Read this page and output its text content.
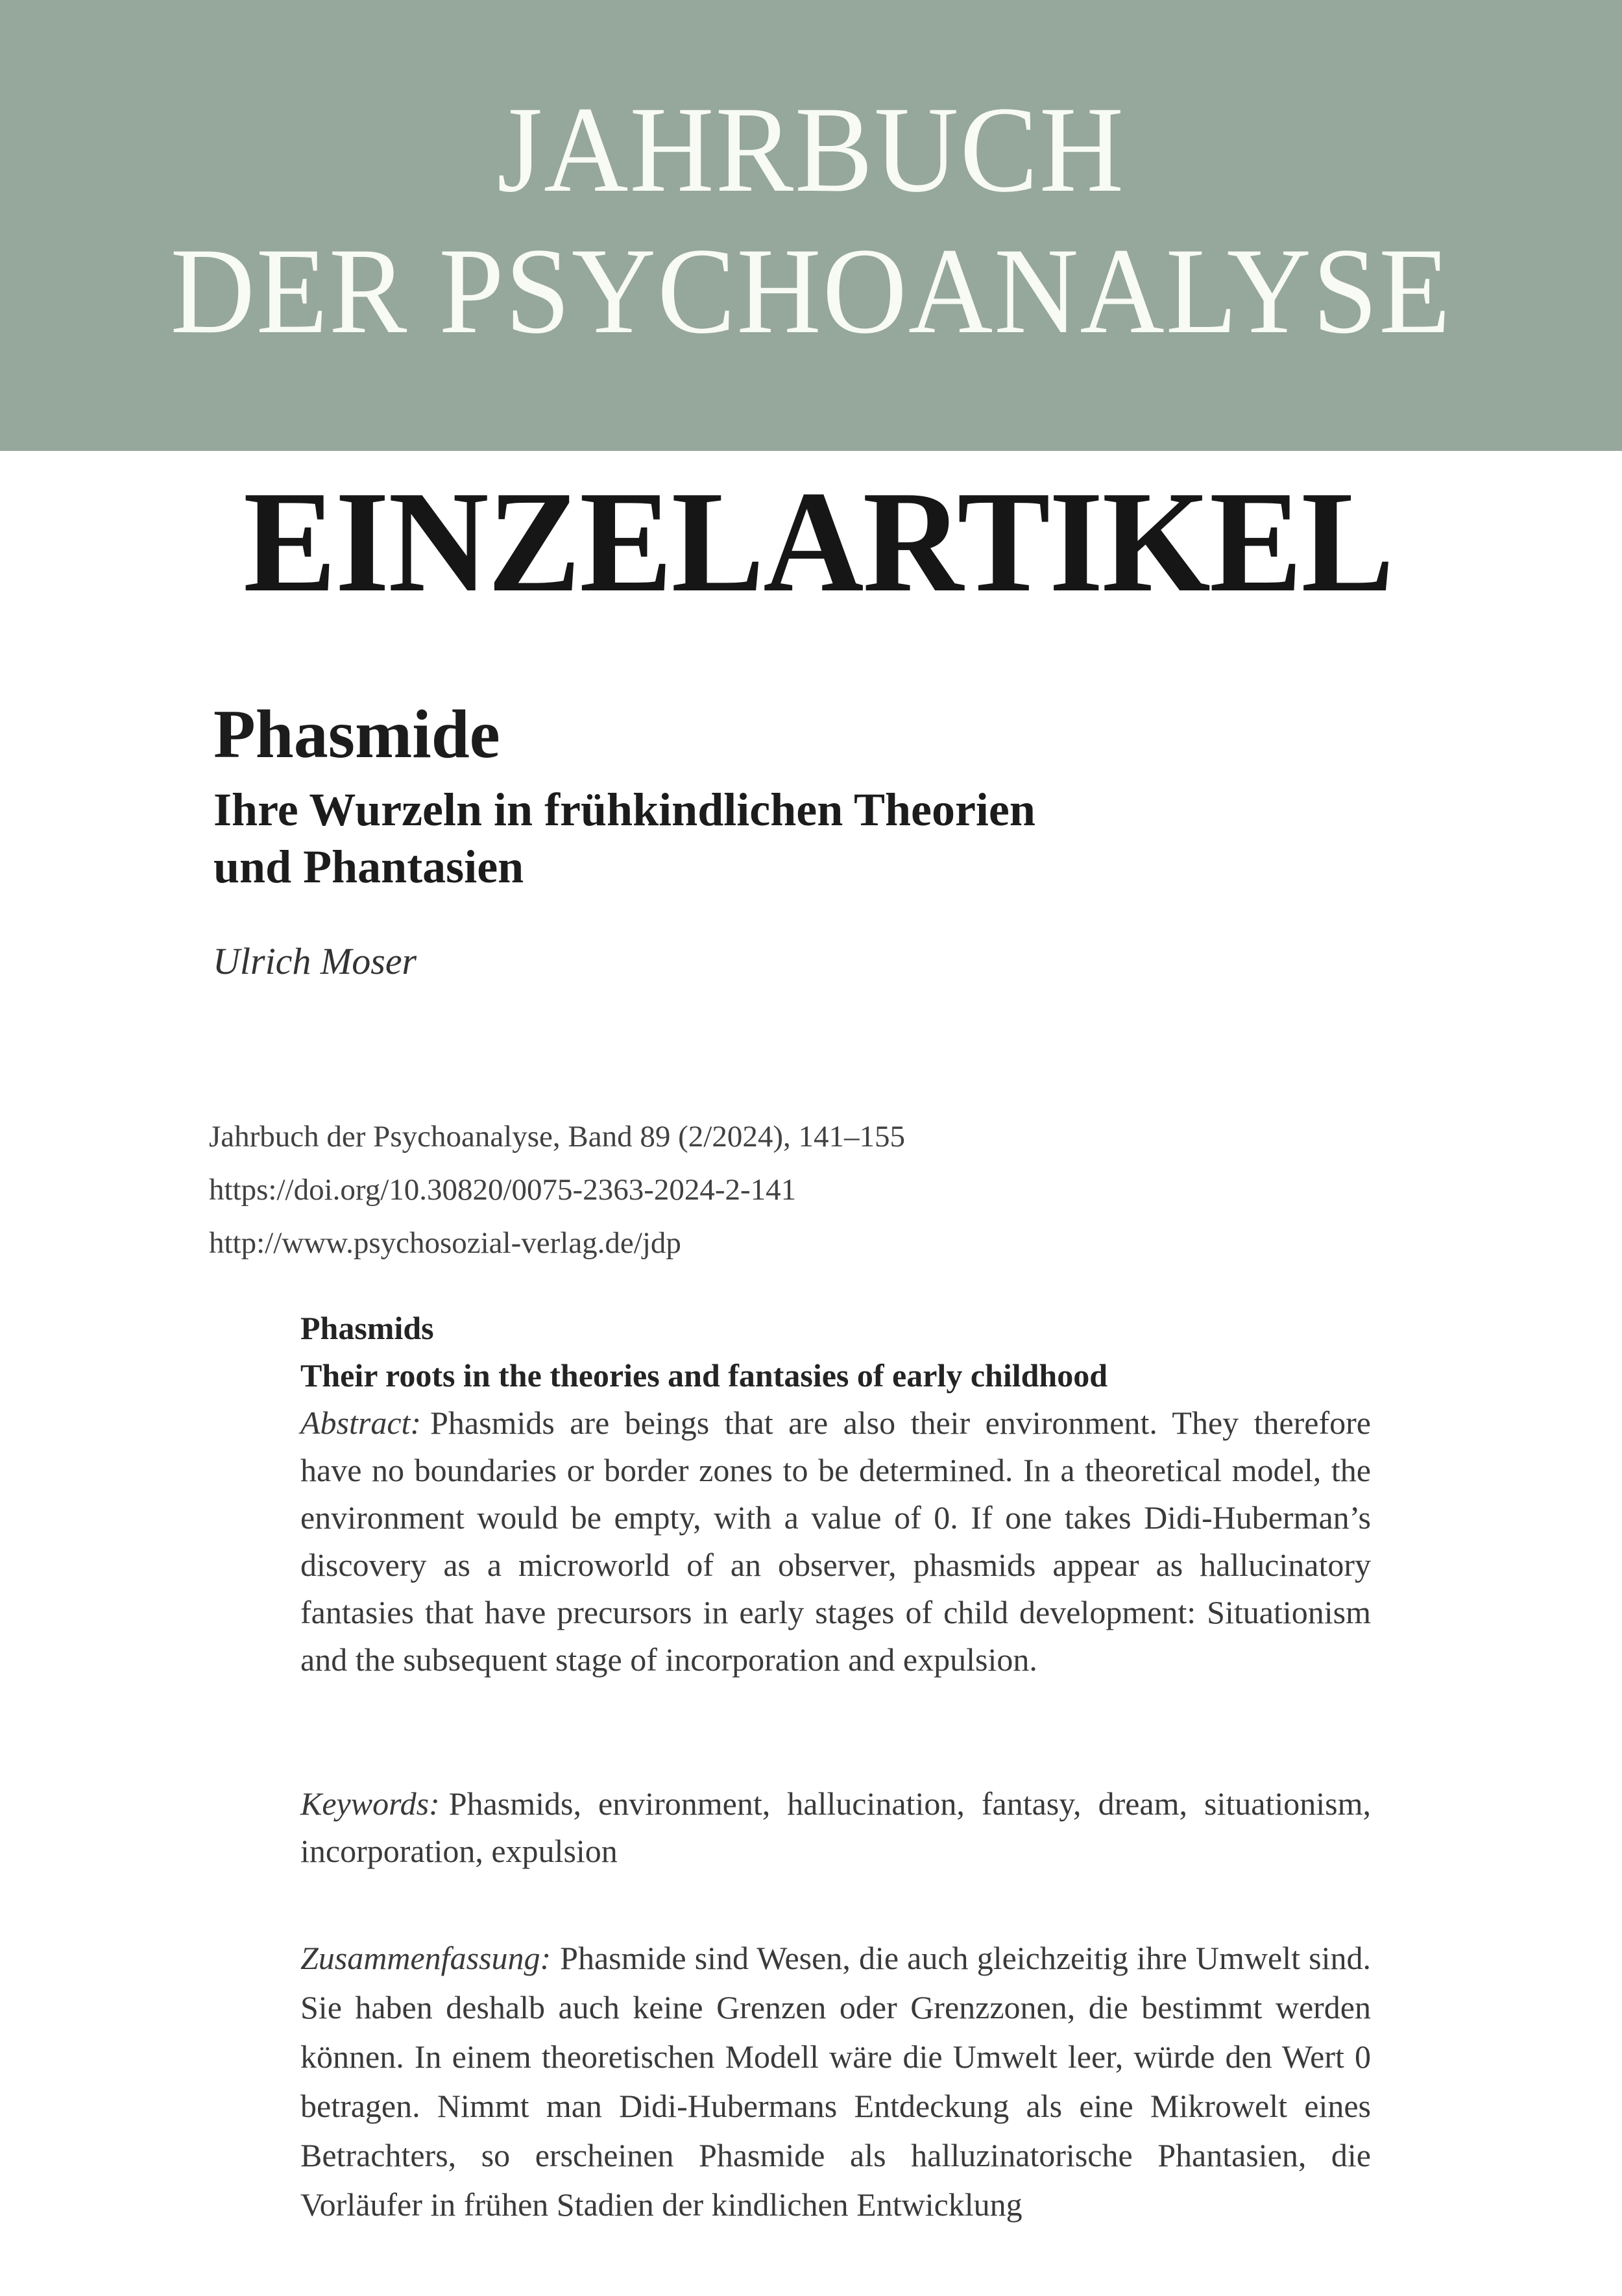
JAHRBUCH
DER PSYCHOANALYSE
EINZELARTIKEL
Phasmide
Ihre Wurzeln in frühkindlichen Theorien
und Phantasien
Ulrich Moser
Jahrbuch der Psychoanalyse, Band 89 (2/2024), 141–155
https://doi.org/10.30820/0075-2363-2024-2-141
http://www.psychosozial-verlag.de/jdp
Phasmids
Their roots in the theories and fantasies of early childhood

Abstract: Phasmids are beings that are also their environment. They therefore have no boundaries or border zones to be determined. In a theoretical model, the environment would be empty, with a value of 0. If one takes Didi-Huberman’s discovery as a microworld of an observer, phasmids appear as hallucinatory fantasies that have precursors in early stages of child development: Situationism and the subsequent stage of incorporation and expulsion.

Keywords: Phasmids, environment, hallucination, fantasy, dream, situationism, incorporation, expulsion

Zusammenfassung: Phasmide sind Wesen, die auch gleichzeitig ihre Umwelt sind. Sie haben deshalb auch keine Grenzen oder Grenzzonen, die bestimmt werden können. In einem theoretischen Modell wäre die Umwelt leer, würde den Wert 0 betragen. Nimmt man Didi-Hubermans Entdeckung als eine Mikrowelt eines Betrachters, so erscheinen Phasmide als halluzinatorische Phantasien, die Vorläufer in frühen Stadien der kindlichen Entwicklung
